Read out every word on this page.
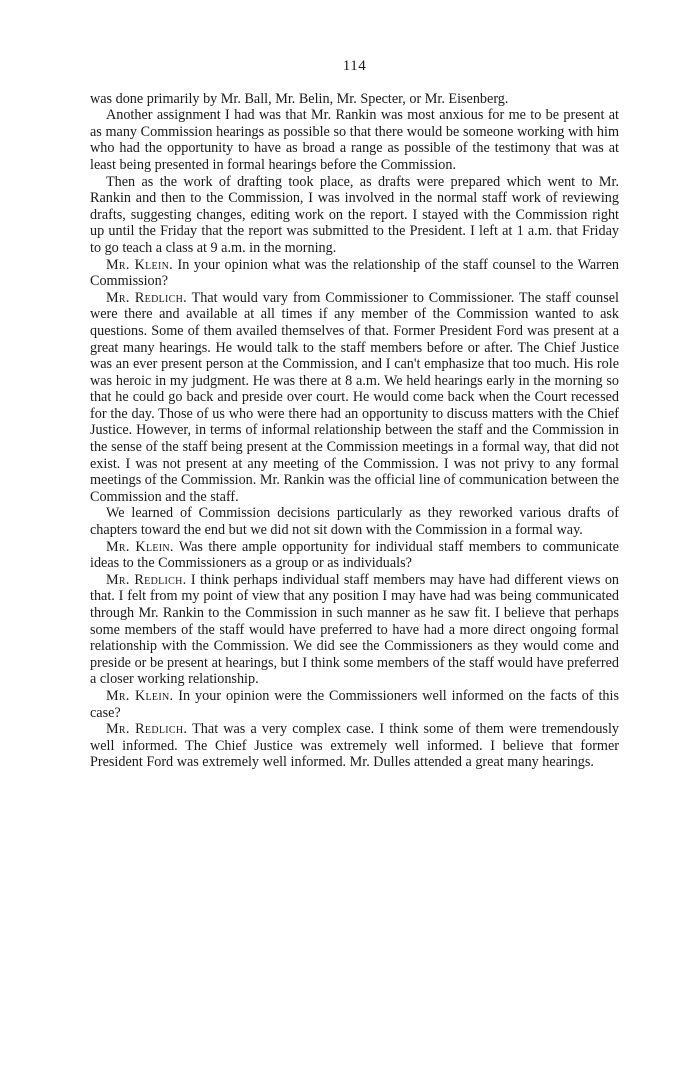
114

was done primarily by Mr. Ball, Mr. Belin, Mr. Specter, or Mr. Eisenberg.

Another assignment I had was that Mr. Rankin was most anxious for me to be present at as many Commission hearings as possible so that there would be someone working with him who had the opportunity to have as broad a range as possible of the testimony that was at least being presented in formal hearings before the Commission.

Then as the work of drafting took place, as drafts were prepared which went to Mr. Rankin and then to the Commission, I was involved in the normal staff work of reviewing drafts, suggesting changes, editing work on the report. I stayed with the Commission right up until the Friday that the report was submitted to the President. I left at 1 a.m. that Friday to go teach a class at 9 a.m. in the morning.

Mr. Klein. In your opinion what was the relationship of the staff counsel to the Warren Commission?

Mr. Redlich. That would vary from Commissioner to Commissioner. The staff counsel were there and available at all times if any member of the Commission wanted to ask questions. Some of them availed themselves of that. Former President Ford was present at a great many hearings. He would talk to the staff members before or after. The Chief Justice was an ever present person at the Commission, and I can't emphasize that too much. His role was heroic in my judgment. He was there at 8 a.m. We held hearings early in the morning so that he could go back and preside over court. He would come back when the Court recessed for the day. Those of us who were there had an opportunity to discuss matters with the Chief Justice. However, in terms of informal relationship between the staff and the Commission in the sense of the staff being present at the Commission meetings in a formal way, that did not exist. I was not present at any meeting of the Commission. I was not privy to any formal meetings of the Commission. Mr. Rankin was the official line of communication between the Commission and the staff.

We learned of Commission decisions particularly as they reworked various drafts of chapters toward the end but we did not sit down with the Commission in a formal way.

Mr. Klein. Was there ample opportunity for individual staff members to communicate ideas to the Commissioners as a group or as individuals?

Mr. Redlich. I think perhaps individual staff members may have had different views on that. I felt from my point of view that any position I may have had was being communicated through Mr. Rankin to the Commission in such manner as he saw fit. I believe that perhaps some members of the staff would have preferred to have had a more direct ongoing formal relationship with the Commission. We did see the Commissioners as they would come and preside or be present at hearings, but I think some members of the staff would have preferred a closer working relationship.

Mr. Klein. In your opinion were the Commissioners well informed on the facts of this case?

Mr. Redlich. That was a very complex case. I think some of them were tremendously well informed. The Chief Justice was extremely well informed. I believe that former President Ford was extremely well informed. Mr. Dulles attended a great many hearings.
